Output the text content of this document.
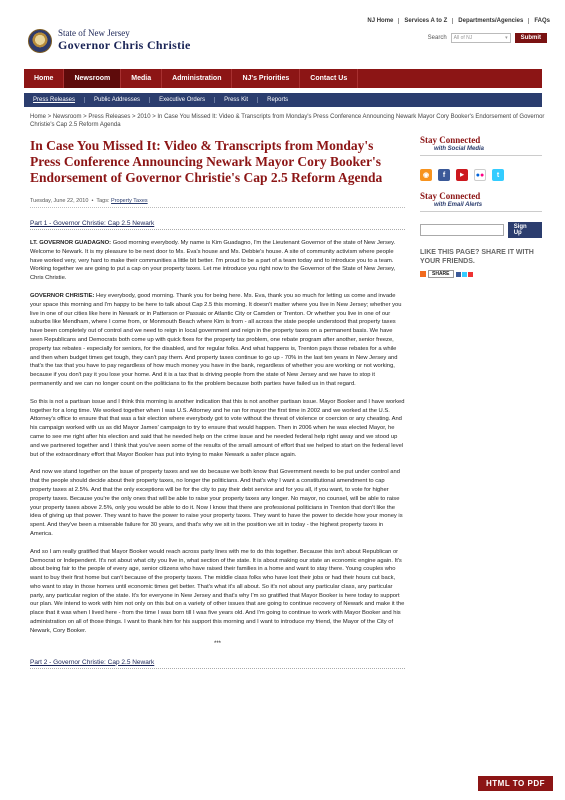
NJ Home	Services A to Z	Departments/Agencies	FAQs
State of New Jersey
Governor Chris Christie	Search All of NJ	▾	Submit
Home	Newsroom	Media	Administration	NJ's Priorities	Contact Us
Press Releases	Public Addresses	Executive Orders	Press Kit	Reports
Home > Newsroom > Press Releases > 2010 > In Case You Missed It: Video & Transcripts from Monday's Press Conference Announcing Newark Mayor Cory Booker's Endorsement of Governor Christie's Cap 2.5 Reform Agenda
In Case You Missed It: Video & Transcripts from Monday's Press Conference Announcing Newark Mayor Cory Booker's Endorsement of Governor Christie's Cap 2.5 Reform Agenda
Tuesday, June 22, 2010  •  Tags: Property Taxes
Part 1 - Governor Christie: Cap 2.5 Newark
LT. GOVERNOR GUADAGNO: Good morning everybody. My name is Kim Guadagno, I'm the Lieutenant Governor of the state of New Jersey. Welcome to Newark. It is my pleasure to be next door to Ms. Eva's house and Ms. Debbie's house. A site of community activism where people have worked very, very hard to make their communities a little bit better. I'm proud to be a part of a team today and to introduce you to a team. Working together we are going to put a cap on your property taxes. Let me introduce you right now to the Governor of the State of New Jersey, Chris Christie.
GOVERNOR CHRISTIE: Hey everybody, good morning. Thank you for being here. Ms. Eva, thank you so much for letting us come and invade your space this morning and I'm happy to be here to talk about Cap 2.5 this morning. It doesn't matter where you live in New Jersey; whether you live in one of our cities like here in Newark or in Patterson or Passaic or Atlantic City or Camden or Trenton. Or whether you live in one of our suburbs like Mendham, where I come from, or Monmouth Beach where Kim is from - all across the state people understood that property taxes have been completely out of control and we need to reign in local government and reign in the property taxes on a permanent basis. We have seen Republicans and Democrats both come up with quick fixes for the property tax problem, one rebate program after another, senior freeze, property tax rebates - especially for seniors, for the disabled, and for regular folks. And what happens is, Trenton pays those rebates for a while and then when budget times get tough, they can't pay them. And property taxes continue to go up - 70% in the last ten years in New Jersey and that's the tax that you have to pay regardless of how much money you have in the bank, regardless of whether you are working or not working, because if you don't pay it you lose your home. And it is a tax that is driving people from the state of New Jersey and we have to stop it permanently and we can no longer count on the politicians to fix the problem because both parties have failed us in that regard.
So this is not a partisan issue and I think this morning is another indication that this is not another partisan issue. Mayor Booker and I have worked together for a long time. We worked together when I was U.S. Attorney and he ran for mayor the first time in 2002 and we worked at the U.S. Attorney's office to ensure that that was a fair election where everybody got to vote without the threat of violence or coercion or any cheating. And his campaign worked with us as did Mayor James' campaign to try to ensure that would happen. Then in 2006 when he was elected Mayor, he came to see me right after his election and said that he needed help on the crime issue and he needed federal help right away and we stood up and we partnered together and I think that you've seen some of the results of the small amount of effort that we helped to start on the federal level but of the extraordinary effort that Mayor Booker has put into trying to make Newark a safer place again.
And now we stand together on the issue of property taxes and we do because we both know that Government needs to be put under control and that the people should decide about their property taxes, no longer the politicians. And that's why I want a constitutional amendment to cap property taxes at 2.5%. And that the only exceptions will be for the city to pay their debt service and for you all, if you want, to vote for higher property taxes. Because you're the only ones that will be able to raise your property taxes any longer. No mayor, no counsel, will be able to raise your property taxes above 2.5%, only you would be able to do it. Now I know that there are professional politicians in Trenton that don't like the idea of giving up that power. They want to have the power to raise your property taxes. They want to have the power to decide how your money is spent. And they've been a miserable failure for 30 years, and that's why we sit in the position we sit in today - the highest property taxes in America.
And so I am really gratified that Mayor Booker would reach across party lines with me to do this together. Because this isn't about Republican or Democrat or Independent. It's not about what city you live in, what section of the state. It is about making our state an economic engine again. It's about being fair to the people of every age, senior citizens who have raised their families in a home and want to stay there. Young couples who want to buy their first home but can't because of the property taxes. The middle class folks who have lost their jobs or had their hours cut back, who want to stay in those homes until economic times get better. That's what it's all about. So it's not about any particular class, any particular party, any particular region of the state. It's for everyone in New Jersey and that's why I'm so gratified that Mayor Booker is here today to support our plan. We intend to work with him not only on this but on a variety of other issues that are going to continue recovery of Newark and make it the place that it was when I lived here - from the time I was born till I was five years old. And I'm going to continue to work with Mayor Booker and his administration on all of those things. I want to thank him for his support this morning and I want to introduce my friend, the Mayor of the City of Newark, Cory Booker.
***
Part 2 - Governor Christie: Cap 2.5 Newark
Stay Connected
with Social Media
◉	f	▶	● ●	t
Stay Connected
with Email Alerts
Sign Up
LIKE THIS PAGE? SHARE IT WITH YOUR FRIENDS.
SHARE
HTML TO PDF
